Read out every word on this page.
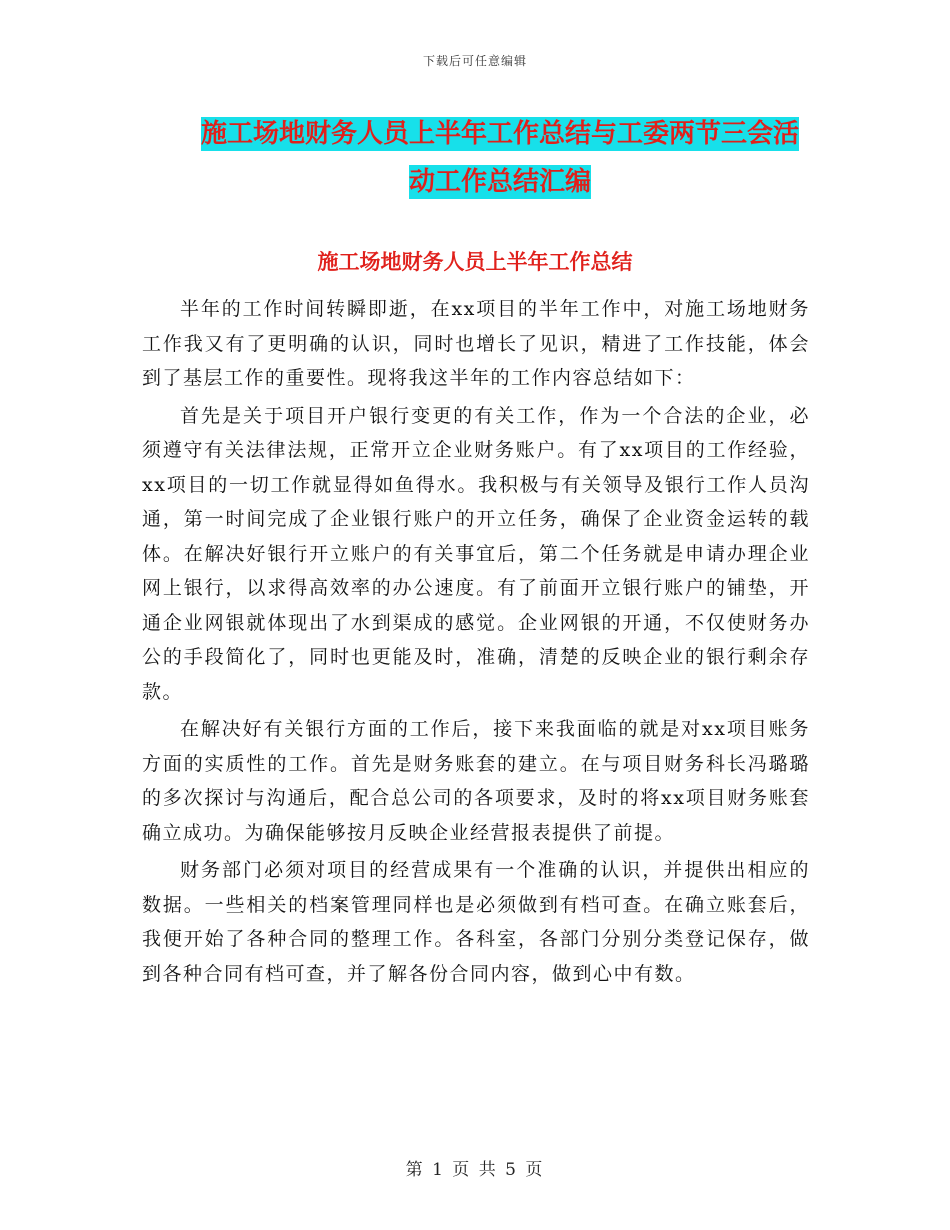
下载后可任意编辑
施工场地财务人员上半年工作总结与工委两节三会活
动工作总结汇编
施工场地财务人员上半年工作总结

半年的工作时间转瞬即逝，在xx项目的半年工作中，对施工场地财务工作我又有了更明确的认识，同时也增长了见识，精进了工作技能，体会到了基层工作的重要性。现将我这半年的工作内容总结如下：

首先是关于项目开户银行变更的有关工作，作为一个合法的企业，必须遵守有关法律法规，正常开立企业财务账户。有了xx项目的工作经验，xx项目的一切工作就显得如鱼得水。我积极与有关领导及银行工作人员沟通，第一时间完成了企业银行账户的开立任务，确保了企业资金运转的载体。在解决好银行开立账户的有关事宜后，第二个任务就是申请办理企业网上银行，以求得高效率的办公速度。有了前面开立银行账户的铺垫，开通企业网银就体现出了水到渠成的感觉。企业网银的开通，不仅使财务办公的手段简化了，同时也更能及时，准确，清楚的反映企业的银行剩余存款。

在解决好有关银行方面的工作后，接下来我面临的就是对xx项目账务方面的实质性的工作。首先是财务账套的建立。在与项目财务科长冯璐璐的多次探讨与沟通后，配合总公司的各项要求，及时的将xx项目财务账套确立成功。为确保能够按月反映企业经营报表提供了前提。

财务部门必须对项目的经营成果有一个准确的认识，并提供出相应的数据。一些相关的档案管理同样也是必须做到有档可查。在确立账套后，我便开始了各种合同的整理工作。各科室，各部门分别分类登记保存，做到各种合同有档可查，并了解各份合同内容，做到心中有数。

第 1 页 共 5 页
